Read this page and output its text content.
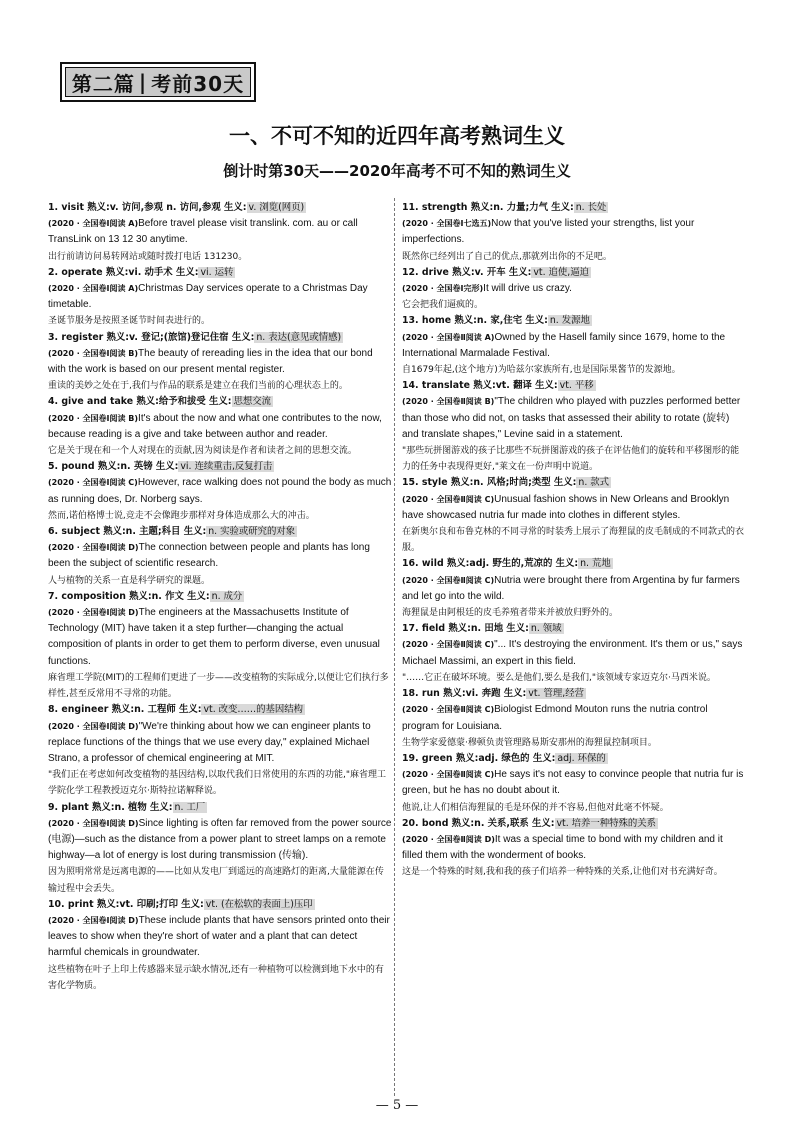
第二篇 | 考前30天
一、不可不知的近四年高考熟词生义
倒计时第30天——2020年高考不可不知的熟词生义
1. visit 熟义:v. 访问,参观 n. 访问,参观 生义: v. 浏览(网页)
(2020 · 全国卷Ⅰ阅读 A)Before travel please visit translink. com. au or call TransLink on 13 12 30 anytime.
出行前请访问易转网站或随时拨打电话 131230。
2. operate 熟义:vi. 动手术 生义: vi. 运转
(2020 · 全国卷Ⅰ阅读 A)Christmas Day services operate to a Christmas Day timetable.
圣诞节服务是按照圣诞节时间表进行的。
3. register 熟义:v. 登记;(旅馆)登记住宿 生义: n. 表达(意见或情感)
(2020 · 全国卷Ⅰ阅读 B)The beauty of rereading lies in the idea that our bond with the work is based on our present mental register.
重读的美妙之处在于,我们与作品的联系是建立在我们当前的心理状态上的。
4. give and take 熟义:给予和拔受 生义: 思想交流
(2020 · 全国卷Ⅰ阅读 B)It's about the now and what one contributes to the now, because reading is a give and take between author and reader.
它是关于现在和一个人对现在的贡献,因为阅读是作者和读者之间的思想交流。
5. pound 熟义:n. 英镑 生义: vi. 连续重击,反复打击
(2020 · 全国卷Ⅰ阅读 C)However, race walking does not pound the body as much as running does, Dr. Norberg says.
然而,诺伯格博士说,竞走不会像跑步那样对身体造成那么大的冲击。
6. subject 熟义:n. 主题;科目 生义: n. 实验或研究的对象
(2020 · 全国卷Ⅰ阅读 D)The connection between people and plants has long been the subject of scientific research.
人与植物的关系一直是科学研究的课题。
7. composition 熟义:n. 作文 生义: n. 成分
(2020 · 全国卷Ⅰ阅读 D)The engineers at the Massachusetts Institute of Technology (MIT) have taken it a step further—changing the actual composition of plants in order to get them to perform diverse, even unusual functions.
麻省理工学院(MIT)的工程师们更进了一步——改变植物的实际成分,以便让它们执行多样性,甚至反常用不寻常的功能。
8. engineer 熟义:n. 工程师 生义: vt. 改变……的基因结构
(2020 · 全国卷Ⅰ阅读 D)"We're thinking about how we can engineer plants to replace functions of the things that we use every day," explained Michael Strano, a professor of chemical engineering at MIT.
"我们正在考虑如何改变植物的基因结构,以取代我们日常使用的东西的功能,"麻省理工学院化学工程教授迈克尔·斯特拉诺解释说。
9. plant 熟义:n. 植物 生义: n. 工厂
(2020 · 全国卷Ⅰ阅读 D)Since lighting is often far removed from the power source (电源)—such as the distance from a power plant to street lamps on a remote highway—a lot of energy is lost during transmission (传输).
因为照明常常是远离电源的——比如从发电厂到遥远的高速路灯的距离,大量能源在传输过程中会丢失。
10. print 熟义:vt. 印刷;打印 生义: vt. (在松软的表面上)压印
(2020 · 全国卷Ⅰ阅读 D)These include plants that have sensors printed onto their leaves to show when they're short of water and a plant that can detect harmful chemicals in groundwater.
这些植物在叶子上印上传感器来显示缺水情况,还有一种植物可以检测到地下水中的有害化学物质。
11. strength 熟义:n. 力量;力气 生义: n. 长处
(2020 · 全国卷Ⅰ七选五)Now that you've listed your strengths, list your imperfections.
既然你已经列出了自己的优点,那就列出你的不足吧。
12. drive 熟义:v. 开车 生义: vt. 追使,逼迫
(2020 · 全国卷Ⅰ完形)It will drive us crazy.
它会把我们逼疯的。
13. home 熟义:n. 家,住宅 生义: n. 发源地
(2020 · 全国卷Ⅱ阅读 A)Owned by the Hasell family since 1679, home to the International Marmalade Festival.
自1679年起,(这个地方)为哈兹尔家族所有,也是国际果酱节的发源地。
14. translate 熟义:vt. 翻译 生义: vt. 平移
(2020 · 全国卷Ⅱ阅读 B)"The children who played with puzzles performed better than those who did not, on tasks that assessed their ability to rotate (旋转) and translate shapes," Levine said in a statement.
"那些玩拼图游戏的孩子比那些不玩拼图游戏的孩子在评估他们的旋转和平移图形的能力的任务中表现得更好,"莱文在一份声明中说道。
15. style 熟义:n. 风格;时尚;类型 生义: n. 款式
(2020 · 全国卷Ⅱ阅读 C)Unusual fashion shows in New Orleans and Brooklyn have showcased nutria fur made into clothes in different styles.
在新奥尔良和布鲁克林的不同寻常的时装秀上展示了海狸鼠的皮毛制成的不同款式的衣服。
16. wild 熟义:adj. 野生的,荒凉的 生义: n. 荒地
(2020 · 全国卷Ⅱ阅读 C)Nutria were brought there from Argentina by fur farmers and let go into the wild.
海狸鼠是由阿根廷的皮毛养殖者带来并被放归野外的。
17. field 熟义:n. 田地 生义: n. 领域
(2020 · 全国卷Ⅱ阅读 C)"... It's destroying the environment. It's them or us," says Michael Massimi, an expert in this field.
"……它正在破坏环境。要么是他们,要么是我们,"该领域专家迈克尔·马西米说。
18. run 熟义:vi. 奔跑 生义: vt. 管理,经营
(2020 · 全国卷Ⅱ阅读 C)Biologist Edmond Mouton runs the nutria control program for Louisiana.
生物学家爱德蒙·穆顿负责管理路易斯安那州的海狸鼠控制项目。
19. green 熟义:adj. 绿色的 生义: adj. 环保的
(2020 · 全国卷Ⅱ阅读 C)He says it's not easy to convince people that nutria fur is green, but he has no doubt about it.
他说,让人们相信海狸鼠的毛是环保的并不容易,但他对此毫不怀疑。
20. bond 熟义:n. 关系,联系 生义: vt. 培养一种特殊的关系
(2020 · 全国卷Ⅱ阅读 D)It was a special time to bond with my children and it filled them with the wonderment of books.
这是一个特殊的时刻,我和我的孩子们培养一种特殊的关系,让他们对书充满好奇。
— 5 —
